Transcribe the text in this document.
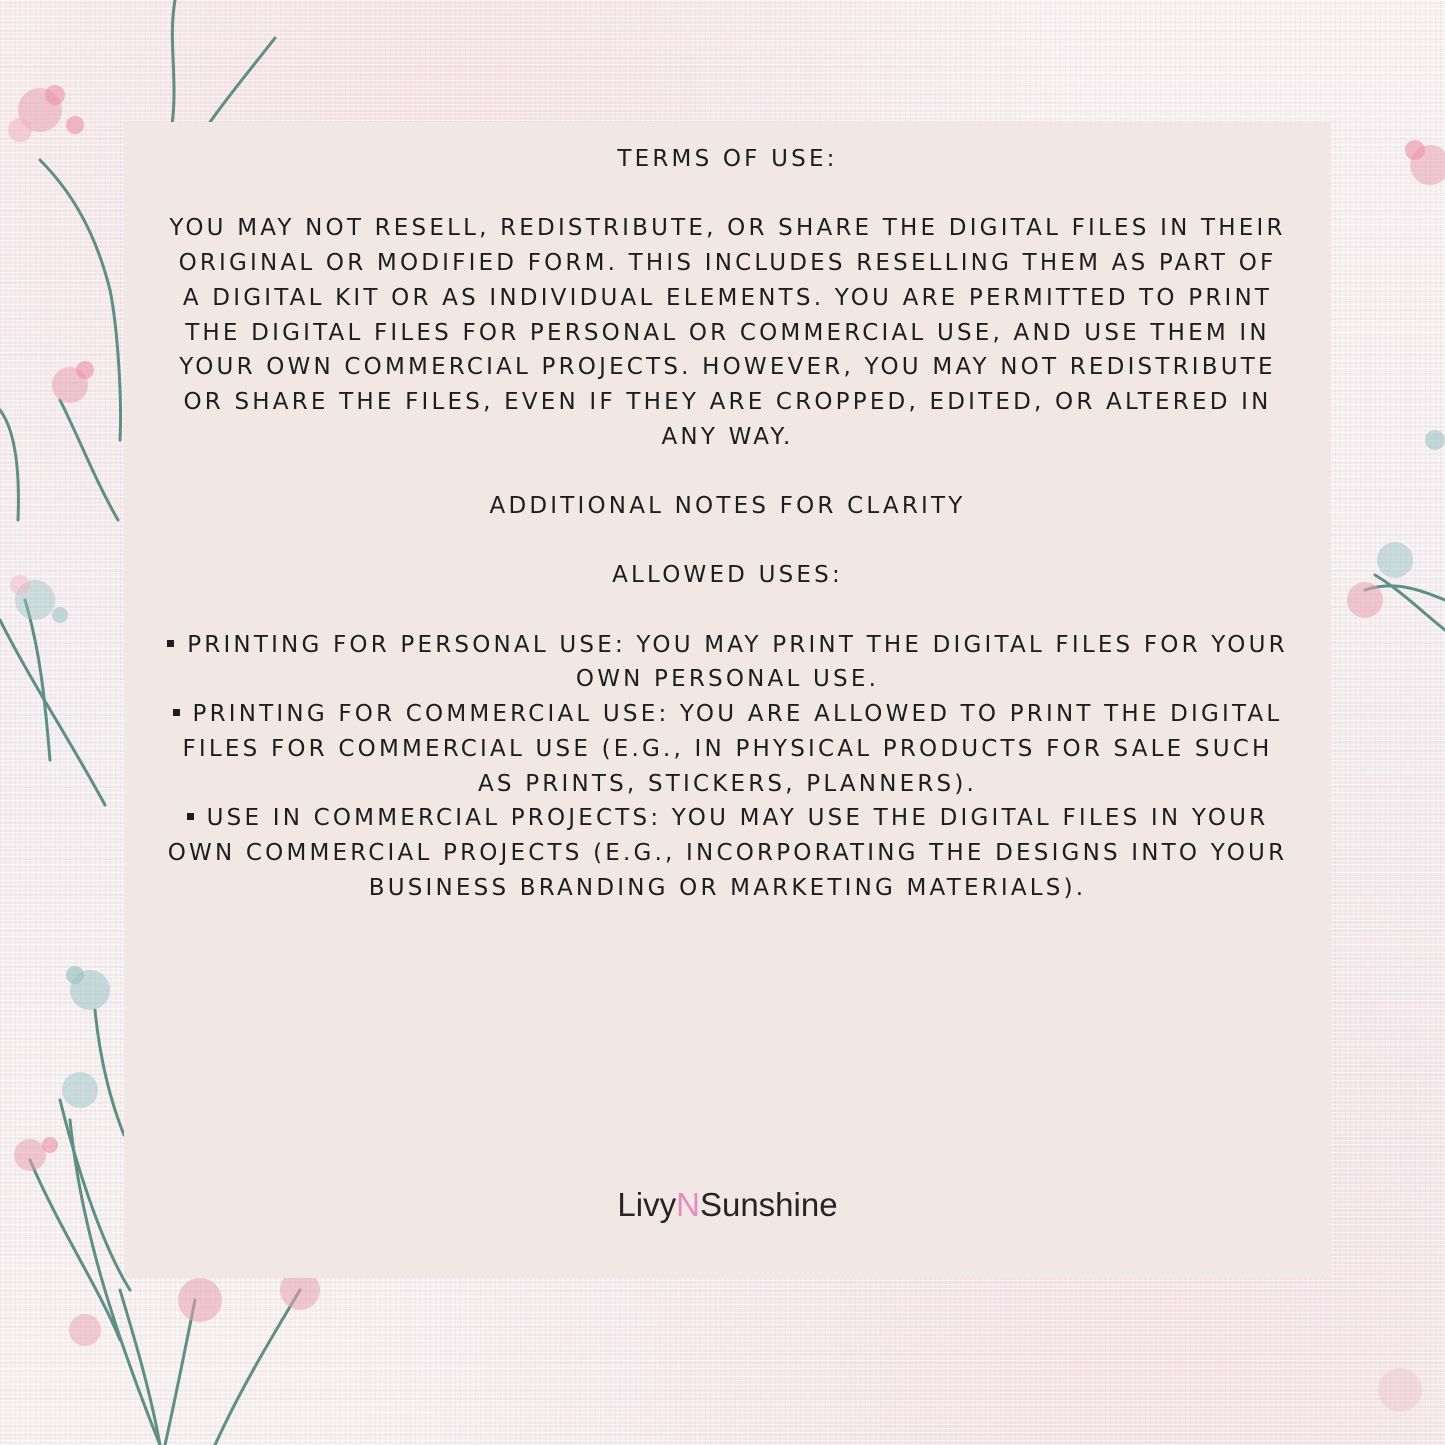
TERMS OF USE:

YOU MAY NOT RESELL, REDISTRIBUTE, OR SHARE THE DIGITAL FILES IN THEIR ORIGINAL OR MODIFIED FORM. THIS INCLUDES RESELLING THEM AS PART OF A DIGITAL KIT OR AS INDIVIDUAL ELEMENTS. YOU ARE PERMITTED TO PRINT THE DIGITAL FILES FOR PERSONAL OR COMMERCIAL USE, AND USE THEM IN YOUR OWN COMMERCIAL PROJECTS. HOWEVER, YOU MAY NOT REDISTRIBUTE OR SHARE THE FILES, EVEN IF THEY ARE CROPPED, EDITED, OR ALTERED IN ANY WAY.

ADDITIONAL NOTES FOR CLARITY

ALLOWED USES:

PRINTING FOR PERSONAL USE: YOU MAY PRINT THE DIGITAL FILES FOR YOUR OWN PERSONAL USE.

PRINTING FOR COMMERCIAL USE: YOU ARE ALLOWED TO PRINT THE DIGITAL FILES FOR COMMERCIAL USE (E.G., IN PHYSICAL PRODUCTS FOR SALE SUCH AS PRINTS, STICKERS, PLANNERS).

USE IN COMMERCIAL PROJECTS: YOU MAY USE THE DIGITAL FILES IN YOUR OWN COMMERCIAL PROJECTS (E.G., INCORPORATING THE DESIGNS INTO YOUR BUSINESS BRANDING OR MARKETING MATERIALS).

LivyNSunshine
